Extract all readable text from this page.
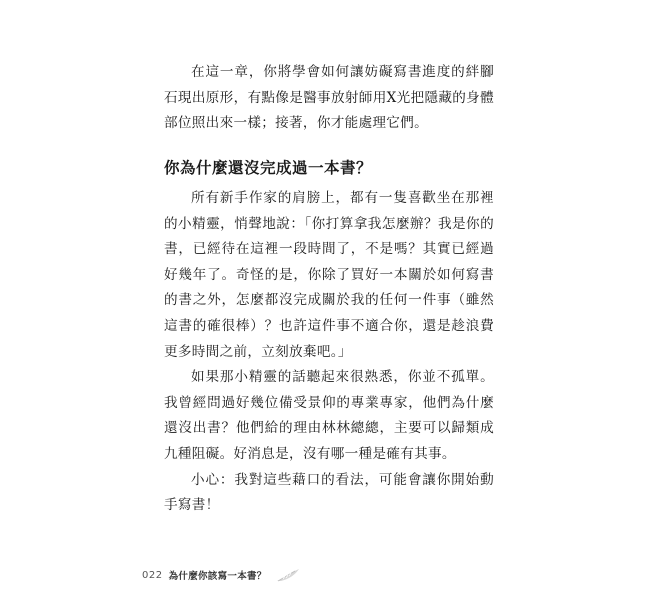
在這一章，你將學會如何讓妨礙寫書進度的絆腳石現出原形，有點像是醫事放射師用X光把隱藏的身體部位照出來一樣；接著，你才能處理它們。

你為什麼還沒完成過一本書？

所有新手作家的肩膀上，都有一隻喜歡坐在那裡的小精靈，悄聲地說：「你打算拿我怎麼辦？我是你的書，已經待在這裡一段時間了，不是嗎？其實已經過好幾年了。奇怪的是，你除了買好一本關於如何寫書的書之外，怎麼都沒完成關於我的任何一件事（雖然這書的確很棒）？也許這件事不適合你，還是趁浪費更多時間之前，立刻放棄吧。」

如果那小精靈的話聽起來很熟悉，你並不孤單。我曾經問過好幾位備受景仰的專業專家，他們為什麼還沒出書？他們給的理由林林總總，主要可以歸類成九種阻礙。好消息是，沒有哪一種是確有其事。

小心：我對這些藉口的看法，可能會讓你開始動手寫書！

022 為什麼你該寫一本書？
